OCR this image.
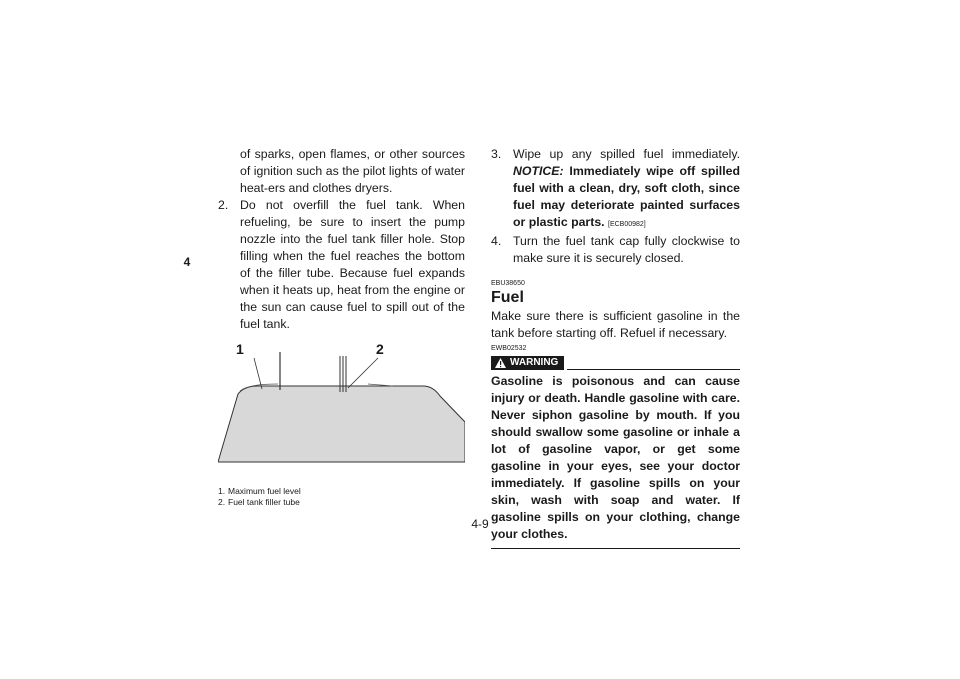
4
of sparks, open flames, or other sources of ignition such as the pilot lights of water heat-ers and clothes dryers.
2. Do not overfill the fuel tank. When refueling, be sure to insert the pump nozzle into the fuel tank filler hole. Stop filling when the fuel reaches the bottom of the filler tube. Because fuel expands when it heats up, heat from the engine or the sun can cause fuel to spill out of the fuel tank.
1	2
1. Maximum fuel level
2. Fuel tank filler tube
3. Wipe up any spilled fuel immediately. NOTICE: Immediately wipe off spilled fuel with a clean, dry, soft cloth, since fuel may deteriorate painted surfaces or plastic parts. [ECB00982]
4. Turn the fuel tank cap fully clockwise to make sure it is securely closed.
EBU38650
Fuel
Make sure there is sufficient gasoline in the tank before starting off. Refuel if necessary.
EWB02532
WARNING
Gasoline is poisonous and can cause injury or death. Handle gasoline with care. Never siphon gasoline by mouth. If you should swallow some gasoline or inhale a lot of gasoline vapor, or get some gasoline in your eyes, see your doctor immediately. If gasoline spills on your skin, wash with soap and water. If gasoline spills on your clothing, change your clothes.
4-9
